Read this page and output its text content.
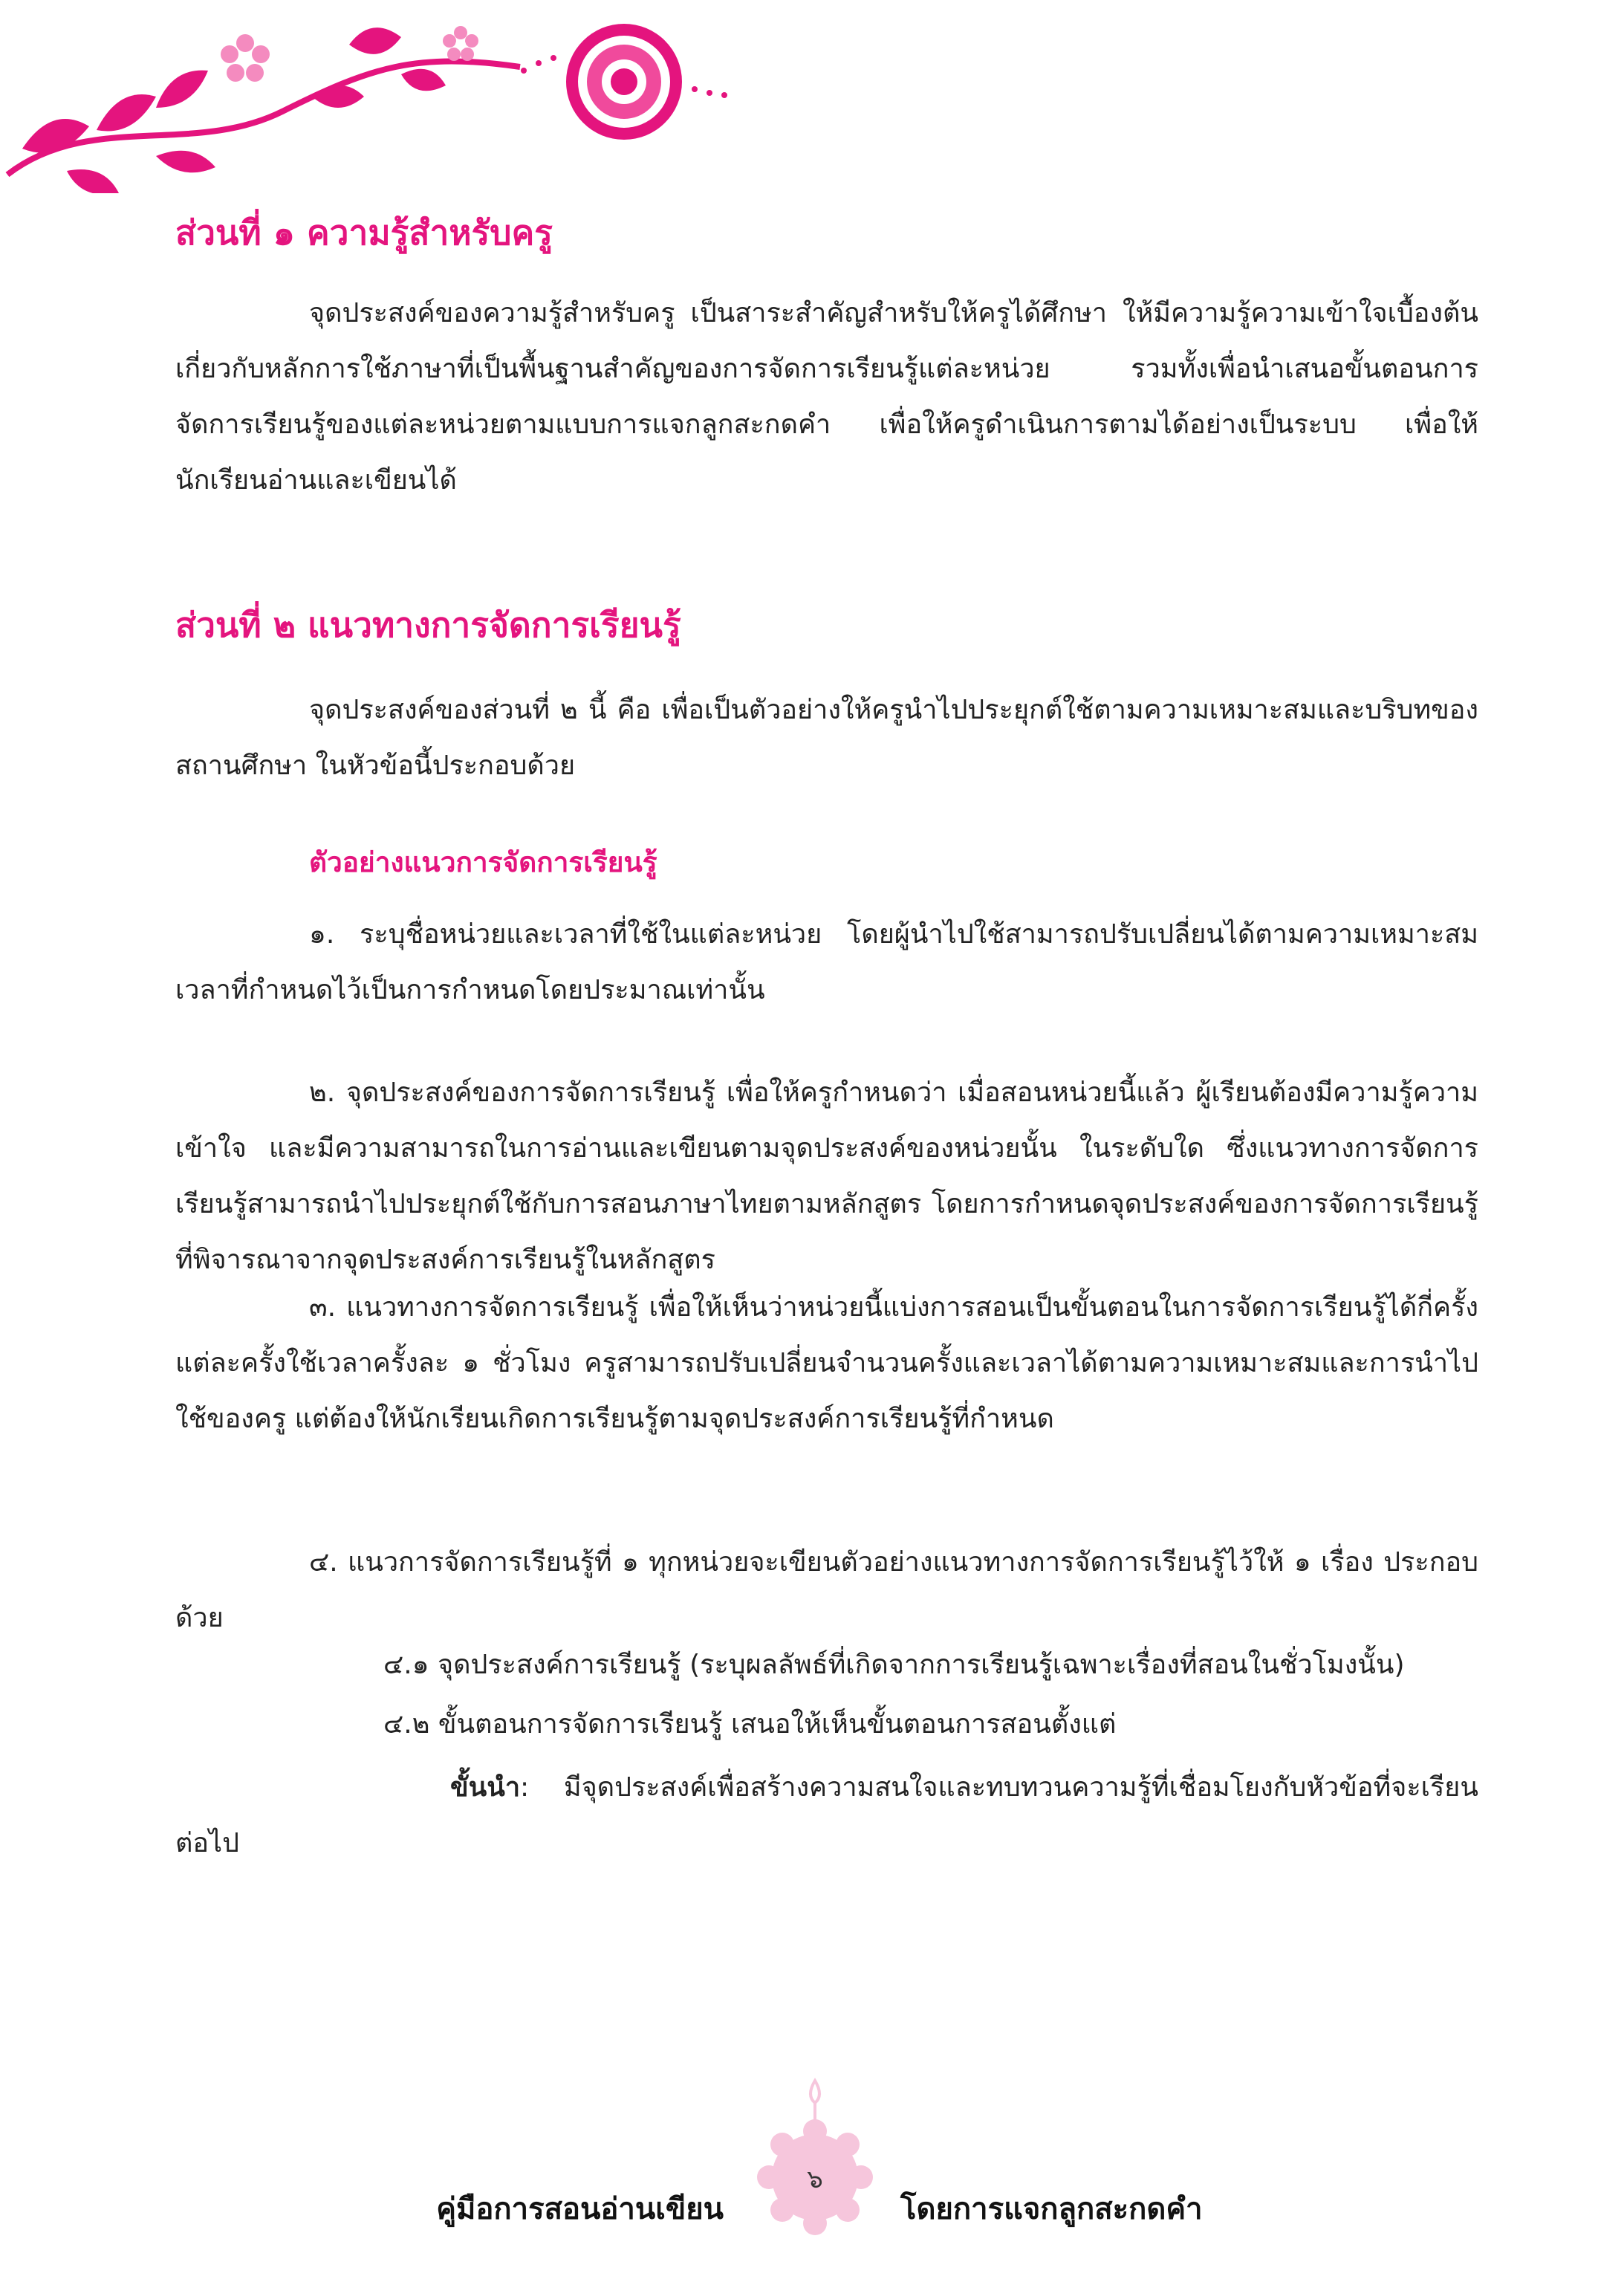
ส่วนที่ ๑ ความรู้สำหรับครู

จุดประสงค์ของความรู้สำหรับครู เป็นสาระสำคัญสำหรับให้ครูได้ศึกษา ให้มีความรู้ความเข้าใจเบื้องต้นเกี่ยวกับหลักการใช้ภาษาที่เป็นพื้นฐานสำคัญของการจัดการเรียนรู้แต่ละหน่วย รวมทั้งเพื่อนำเสนอขั้นตอนการจัดการเรียนรู้ของแต่ละหน่วยตามแบบการแจกลูกสะกดคำ เพื่อให้ครูดำเนินการตามได้อย่างเป็นระบบ เพื่อให้นักเรียนอ่านและเขียนได้

ส่วนที่ ๒ แนวทางการจัดการเรียนรู้

จุดประสงค์ของส่วนที่ ๒ นี้ คือ เพื่อเป็นตัวอย่างให้ครูนำไปประยุกต์ใช้ตามความเหมาะสมและบริบทของสถานศึกษา ในหัวข้อนี้ประกอบด้วย

ตัวอย่างแนวการจัดการเรียนรู้

๑. ระบุชื่อหน่วยและเวลาที่ใช้ในแต่ละหน่วย โดยผู้นำไปใช้สามารถปรับเปลี่ยนได้ตามความเหมาะสม เวลาที่กำหนดไว้เป็นการกำหนดโดยประมาณเท่านั้น

๒. จุดประสงค์ของการจัดการเรียนรู้ เพื่อให้ครูกำหนดว่า เมื่อสอนหน่วยนี้แล้ว ผู้เรียนต้องมีความรู้ความเข้าใจ และมีความสามารถในการอ่านและเขียนตามจุดประสงค์ของหน่วยนั้น ในระดับใด ซึ่งแนวทางการจัดการเรียนรู้สามารถนำไปประยุกต์ใช้กับการสอนภาษาไทยตามหลักสูตร โดยการกำหนดจุดประสงค์ของการจัดการเรียนรู้ที่พิจารณาจากจุดประสงค์การเรียนรู้ในหลักสูตร

๓. แนวทางการจัดการเรียนรู้ เพื่อให้เห็นว่าหน่วยนี้แบ่งการสอนเป็นขั้นตอนในการจัดการเรียนรู้ได้กี่ครั้ง แต่ละครั้งใช้เวลาครั้งละ ๑ ชั่วโมง ครูสามารถปรับเปลี่ยนจำนวนครั้งและเวลาได้ตามความเหมาะสมและการนำไปใช้ของครู แต่ต้องให้นักเรียนเกิดการเรียนรู้ตามจุดประสงค์การเรียนรู้ที่กำหนด

๔. แนวการจัดการเรียนรู้ที่ ๑ ทุกหน่วยจะเขียนตัวอย่างแนวทางการจัดการเรียนรู้ไว้ให้ ๑ เรื่อง ประกอบด้วย

๔.๑ จุดประสงค์การเรียนรู้ (ระบุผลลัพธ์ที่เกิดจากการเรียนรู้เฉพาะเรื่องที่สอนในชั่วโมงนั้น)

๔.๒ ขั้นตอนการจัดการเรียนรู้ เสนอให้เห็นขั้นตอนการสอนตั้งแต่

ขั้นนำ: มีจุดประสงค์เพื่อสร้างความสนใจและทบทวนความรู้ที่เชื่อมโยงกับหัวข้อที่จะเรียนต่อไป

คู่มือการสอนอ่านเขียน
๖
โดยการแจกลูกสะกดคำ
